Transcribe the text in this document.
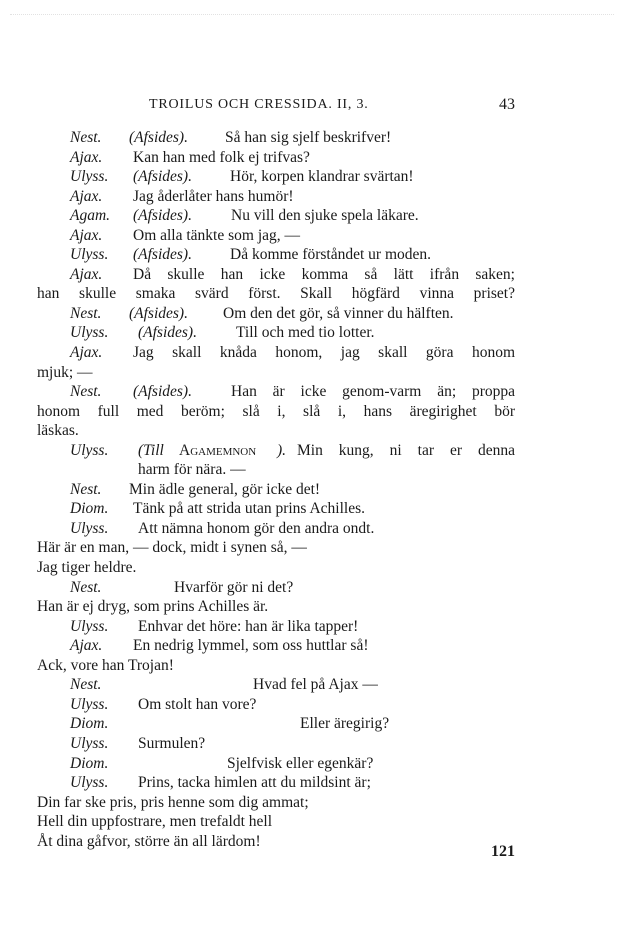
TROILUS OCH CRESSIDA. II, 3.	43
Nest. (Afsides). Så han sig sjelf beskrifver!
Ajax. Kan han med folk ej trifvas?
Ulyss. (Afsides). Hör, korpen klandrar svärtan!
Ajax. Jag åderlåter hans humör!
Agam. (Afsides).	Nu vill den sjuke spela läkare.
Ajax. Om alla tänkte som jag, —
Ulyss. (Afsides). Då komme förståndet ur moden.
Ajax. Då skulle han icke komma så lätt ifrån saken;
han skulle smaka svärd först. Skall högfärd vinna priset?
Nest. (Afsides). Om den det gör, så vinner du hälften.
Ulyss. (Afsides).	Till och med tio lotter.
Ajax. Jag skall knåda honom, jag skall göra honom
mjuk; —
Nest. (Afsides).	Han är icke genom-varm än; proppa
honom full med beröm; slå i, slå i, hans äregirighet bör
läskas.
Ulyss. (Till Agamemnon ). Min kung, ni tar er denna
harm för nära. —
Nest. Min ädle general, gör icke det!
Diom. Tänk på att strida utan prins Achilles.
Ulyss. Att nämna honom gör den andra ondt.
Här är en man, — dock, midt i synen så, —
Jag tiger heldre.
Nest.	Hvarför gör ni det?
Han är ej dryg, som prins Achilles är.
Ulyss. Enhvar det höre: han är lika tapper!
Ajax. En nedrig lymmel, som oss huttlar så!
Ack, vore han Trojan!
Nest.	Hvad fel på Ajax —
Ulyss. Om stolt han vore?
Diom.	Eller äregirig?
Ulyss. Surmulen?
Diom.	Sjelfvisk eller egenkär?
Ulyss. Prins, tacka himlen att du mildsint är;
Din far ske pris, pris henne som dig ammat;
Hell din uppfostrare, men trefaldt hell
Åt dina gåfvor, större än all lärdom!
121
